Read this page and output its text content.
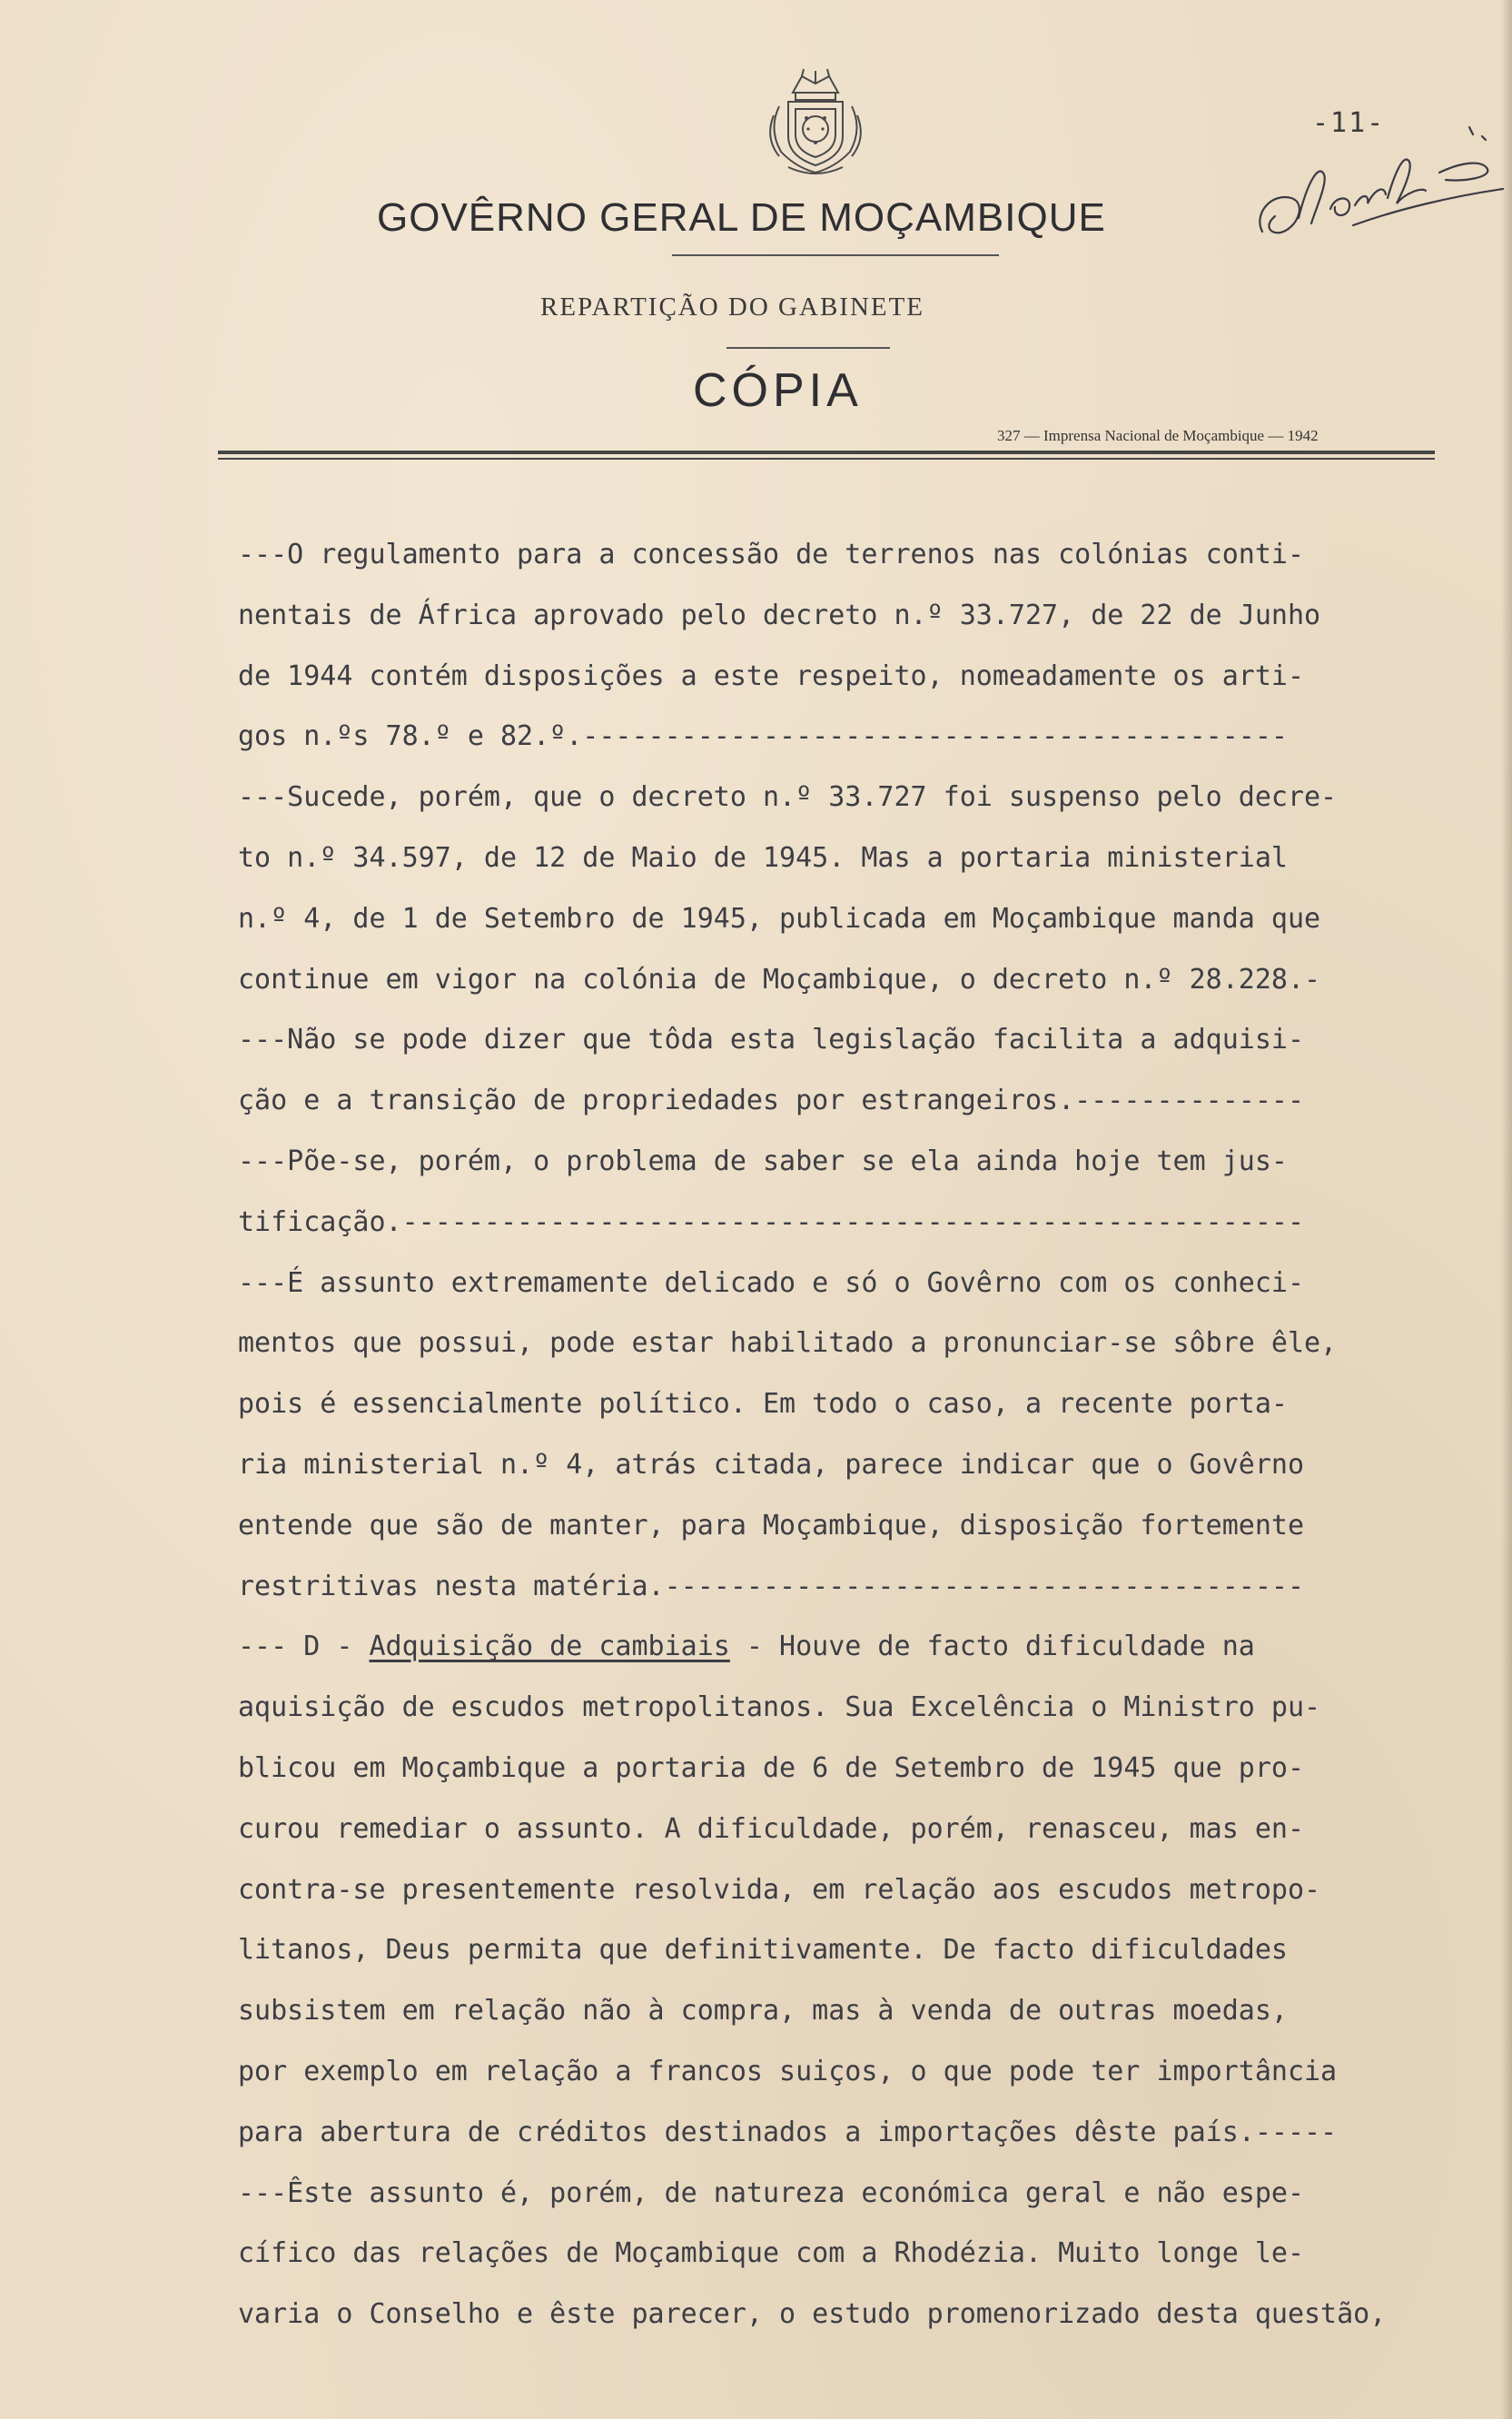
-11-
GOVÊRNO GERAL DE MOÇAMBIQUE
REPARTIÇÃO DO GABINETE
CÓPIA
327 — Imprensa Nacional de Moçambique — 1942
---O regulamento para a concessão de terrenos nas colónias conti-
nentais de África aprovado pelo decreto n.º 33.727, de 22 de Junho
de 1944 contém disposições a este respeito, nomeadamente os arti-
gos n.ºs 78.º e 82.º.-------------------------------------------
---Sucede, porém, que o decreto n.º 33.727 foi suspenso pelo decre-
to n.º 34.597, de 12 de Maio de 1945. Mas a portaria ministerial
n.º 4, de 1 de Setembro de 1945, publicada em Moçambique manda que
continue em vigor na colónia de Moçambique, o decreto n.º 28.228.-
---Não se pode dizer que tôda esta legislação facilita a adquisi-
ção e a transição de propriedades por estrangeiros.--------------
---Põe-se, porém, o problema de saber se ela ainda hoje tem jus-
tificação.-------------------------------------------------------
---É assunto extremamente delicado e só o Govêrno com os conheci-
mentos que possui, pode estar habilitado a pronunciar-se sôbre êle,
pois é essencialmente político. Em todo o caso, a recente porta-
ria ministerial n.º 4, atrás citada, parece indicar que o Govêrno
entende que são de manter, para Moçambique, disposição fortemente
restritivas nesta matéria.---------------------------------------
--- D - Adquisição de cambiais - Houve de facto dificuldade na
aquisição de escudos metropolitanos. Sua Excelência o Ministro pu-
blicou em Moçambique a portaria de 6 de Setembro de 1945 que pro-
curou remediar o assunto. A dificuldade, porém, renasceu, mas en-
contra-se presentemente resolvida, em relação aos escudos metropo-
litanos, Deus permita que definitivamente. De facto dificuldades
subsistem em relação não à compra, mas à venda de outras moedas,
por exemplo em relação a francos suiços, o que pode ter importância
para abertura de créditos destinados a importações dêste país.-----
---Êste assunto é, porém, de natureza económica geral e não espe-
cífico das relações de Moçambique com a Rhodézia. Muito longe le-
varia o Conselho e êste parecer, o estudo promenorizado desta questão,
